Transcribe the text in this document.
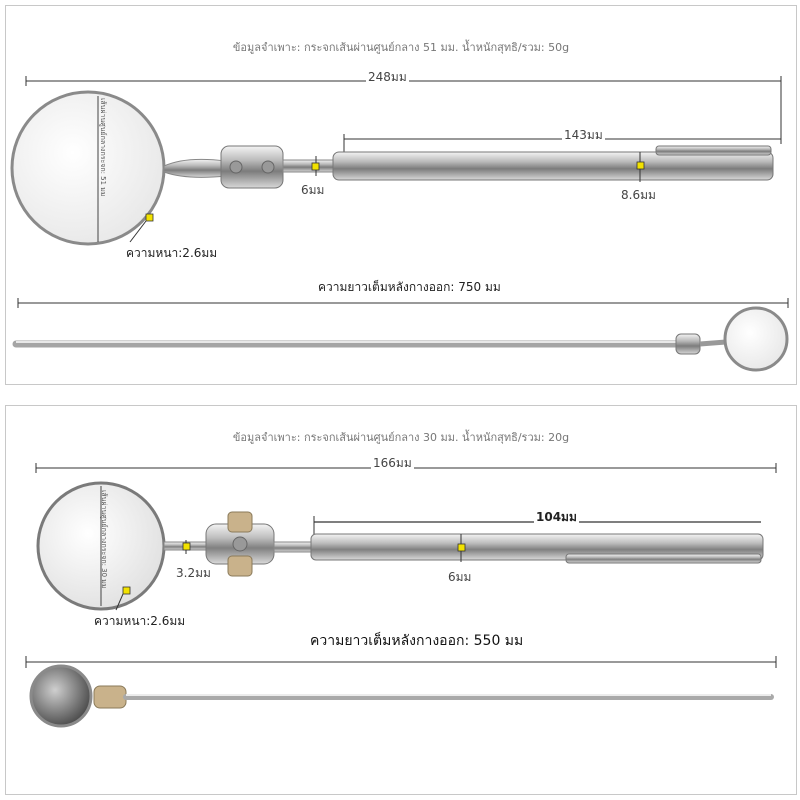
ข้อมูลจำเพาะ: กระจกเส้นผ่านศูนย์กลาง 51 มม. น้ำหนักสุทธิ/รวม: 50g
248มม
143มม
6มม	8.6มม
ความหนา:2.6มม
ความยาวเต็มหลังกางออก: 750 มม
เส้นผ่านศูนย์กลางกระจก: 51 มม
ข้อมูลจำเพาะ: กระจกเส้นผ่านศูนย์กลาง 30 มม. น้ำหนักสุทธิ/รวม: 20g
166มม
104มม
3.2มม	6มม
ความหนา:2.6มม
ความยาวเต็มหลังกางออก: 550 มม
เส้นผ่านศูนย์กลางกระจก: 30 มม
